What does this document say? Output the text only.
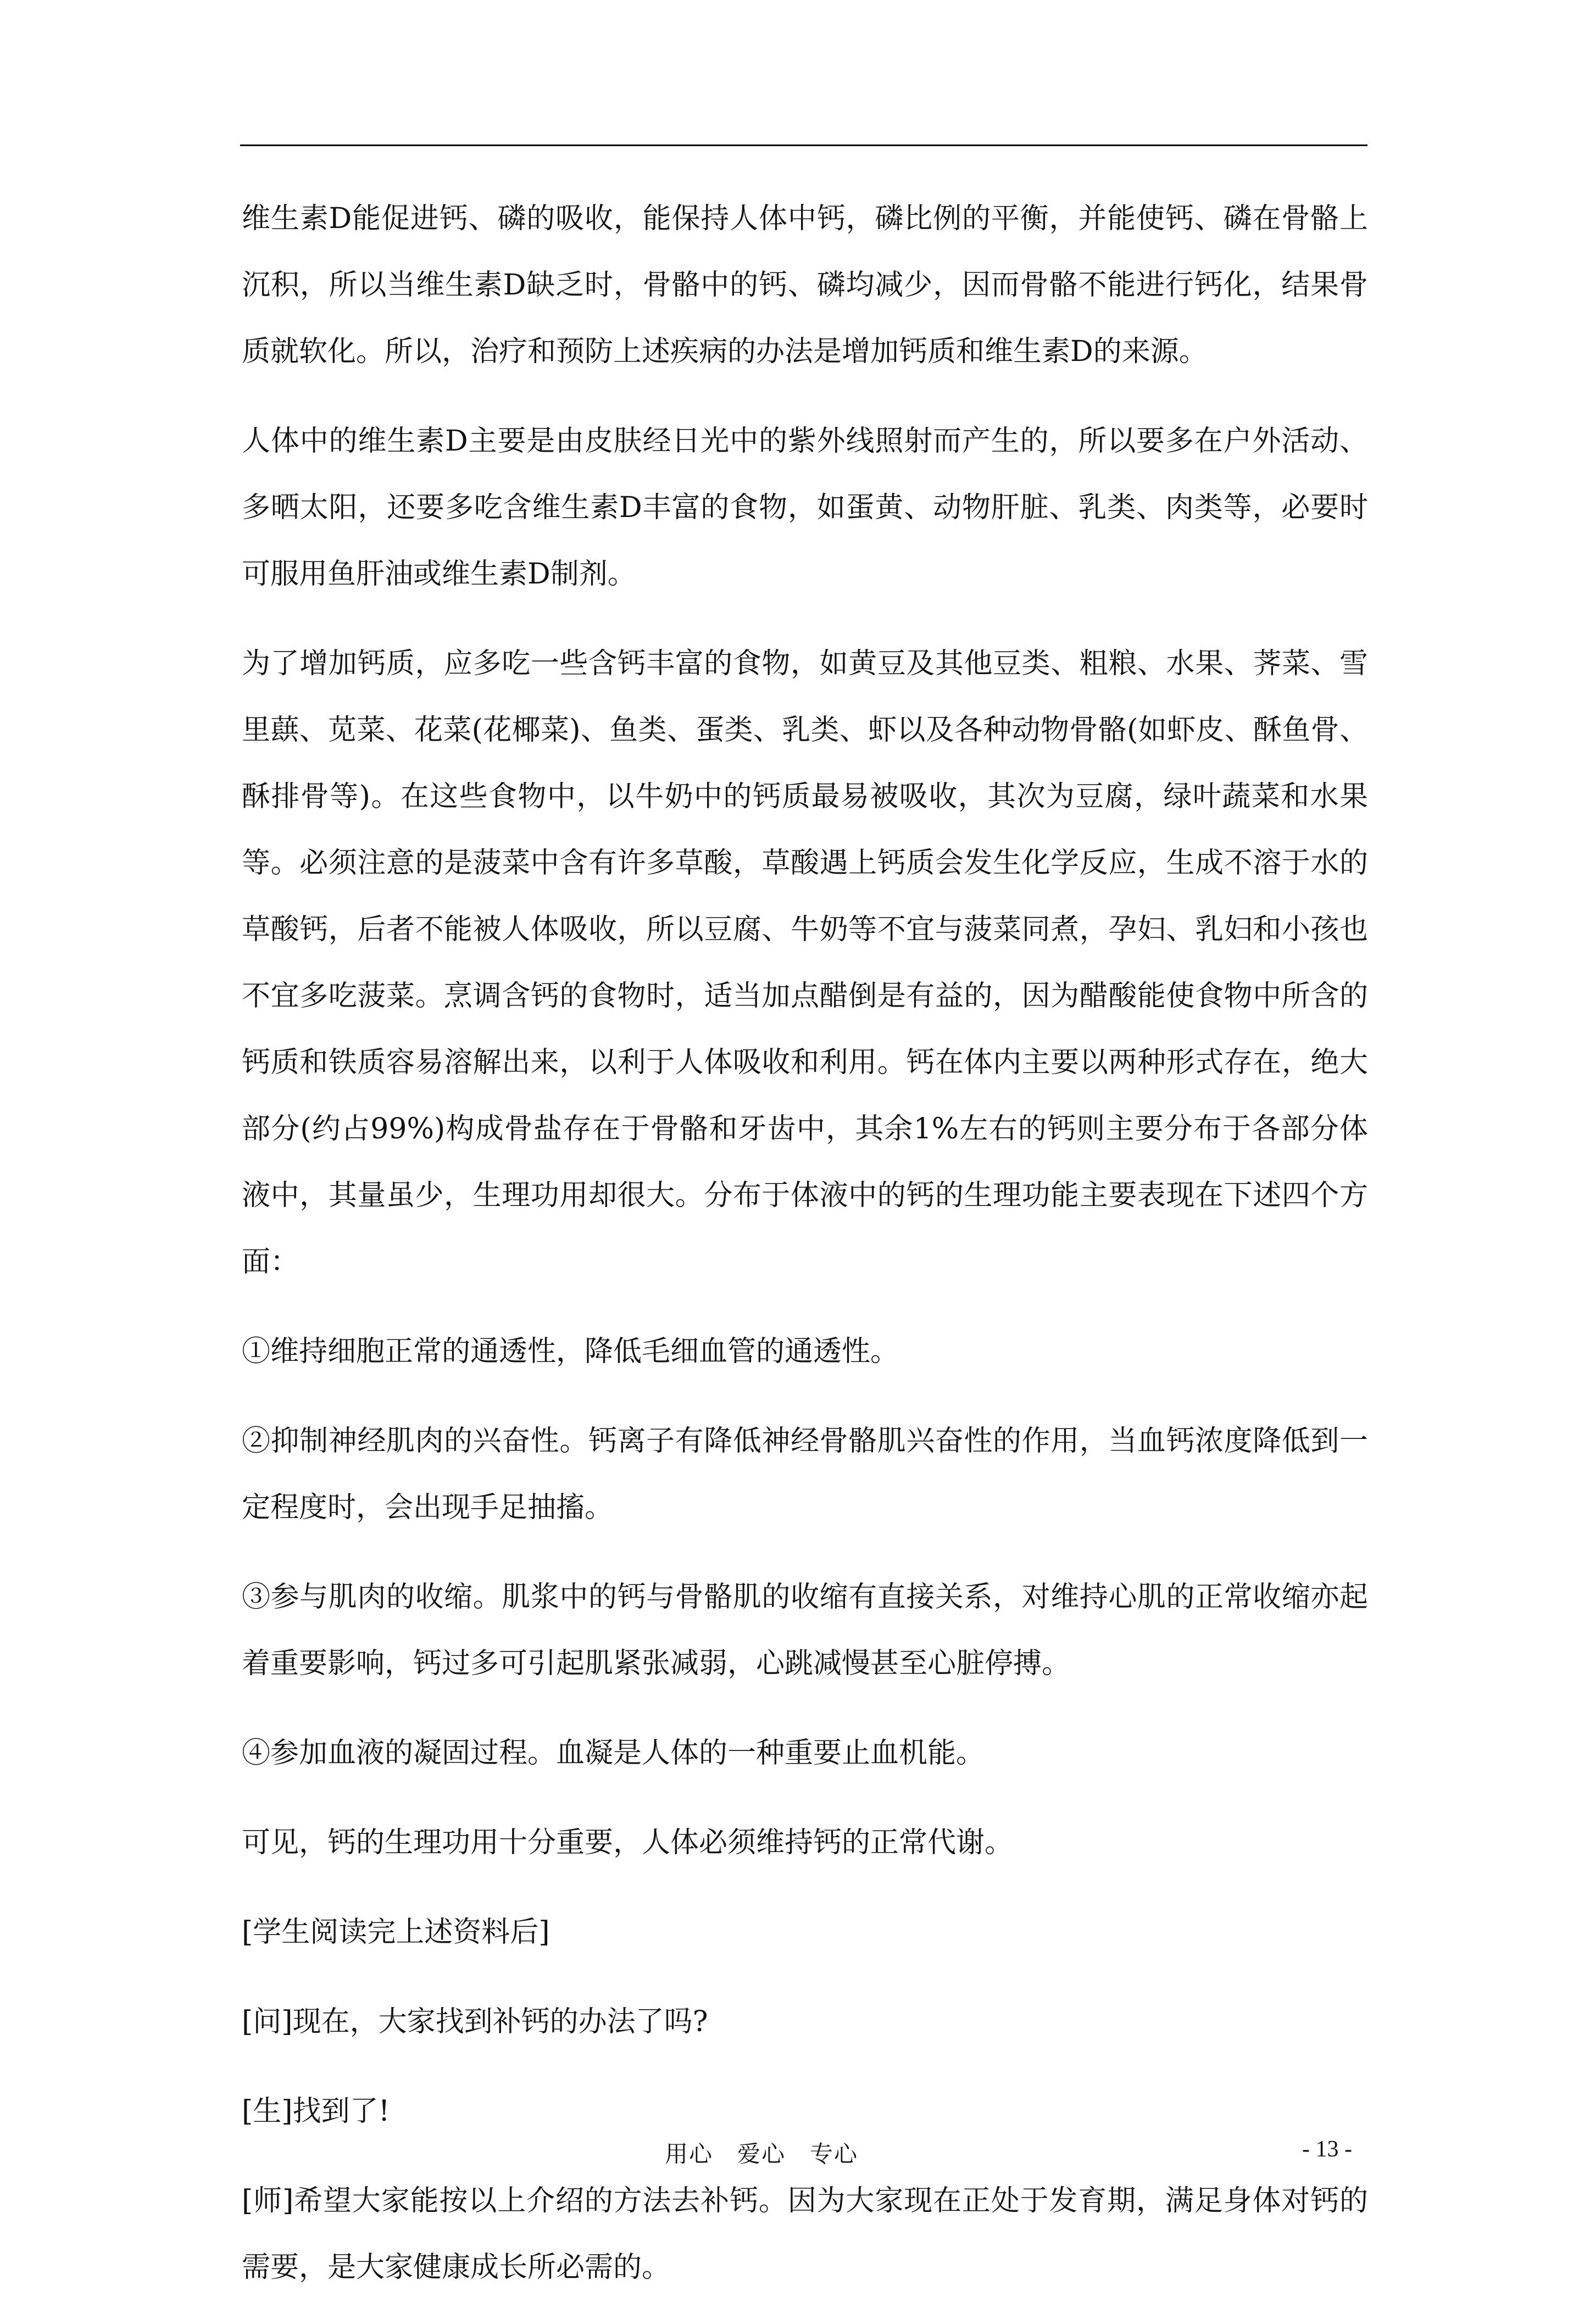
维生素D能促进钙、磷的吸收，能保持人体中钙，磷比例的平衡，并能使钙、磷在骨骼上沉积，所以当维生素D缺乏时，骨骼中的钙、磷均减少，因而骨骼不能进行钙化，结果骨质就软化。所以，治疗和预防上述疾病的办法是增加钙质和维生素D的来源。

人体中的维生素D主要是由皮肤经日光中的紫外线照射而产生的，所以要多在户外活动、多晒太阳，还要多吃含维生素D丰富的食物，如蛋黄、动物肝脏、乳类、肉类等，必要时可服用鱼肝油或维生素D制剂。

为了增加钙质，应多吃一些含钙丰富的食物，如黄豆及其他豆类、粗粮、水果、荠菜、雪里蕻、苋菜、花菜(花椰菜)、鱼类、蛋类、乳类、虾以及各种动物骨骼(如虾皮、酥鱼骨、酥排骨等)。在这些食物中，以牛奶中的钙质最易被吸收，其次为豆腐，绿叶蔬菜和水果等。必须注意的是菠菜中含有许多草酸，草酸遇上钙质会发生化学反应，生成不溶于水的草酸钙，后者不能被人体吸收，所以豆腐、牛奶等不宜与菠菜同煮，孕妇、乳妇和小孩也不宜多吃菠菜。烹调含钙的食物时，适当加点醋倒是有益的，因为醋酸能使食物中所含的钙质和铁质容易溶解出来，以利于人体吸收和利用。钙在体内主要以两种形式存在，绝大部分(约占99%)构成骨盐存在于骨骼和牙齿中，其余1%左右的钙则主要分布于各部分体液中，其量虽少，生理功用却很大。分布于体液中的钙的生理功能主要表现在下述四个方面：

①维持细胞正常的通透性，降低毛细血管的通透性。

②抑制神经肌肉的兴奋性。钙离子有降低神经骨骼肌兴奋性的作用，当血钙浓度降低到一定程度时，会出现手足抽搐。

③参与肌肉的收缩。肌浆中的钙与骨骼肌的收缩有直接关系，对维持心肌的正常收缩亦起着重要影响，钙过多可引起肌紧张减弱，心跳减慢甚至心脏停搏。

④参加血液的凝固过程。血凝是人体的一种重要止血机能。

可见，钙的生理功用十分重要，人体必须维持钙的正常代谢。

[学生阅读完上述资料后]

[问]现在，大家找到补钙的办法了吗?

[生]找到了!

[师]希望大家能按以上介绍的方法去补钙。因为大家现在正处于发育期，满足身体对钙的需要，是大家健康成长所必需的。

用心　爱心　专心	- 13 -
